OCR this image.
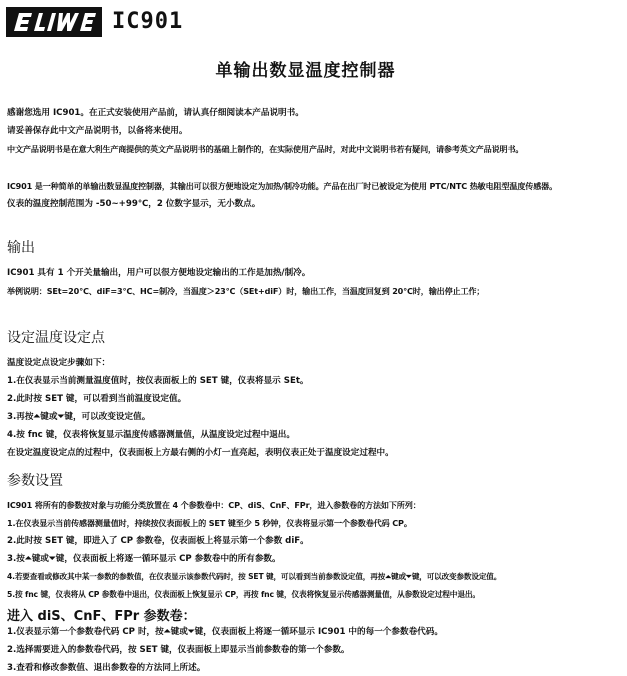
IC901
单输出数显温度控制器
感谢您选用 IC901。在正式安装使用产品前，请认真仔细阅读本产品说明书。
请妥善保存此中文产品说明书，以备将来使用。
中文产品说明书是在意大利生产商提供的英文产品说明书的基础上制作的，在实际使用产品时，对此中文说明书若有疑问，请参考英文产品说明书。
IC901 是一种简单的单输出数显温度控制器，其输出可以很方便地设定为加热/制冷功能。产品在出厂时已被设定为使用 PTC/NTC 热敏电阻型温度传感器。
仪表的温度控制范围为 -50~+99℃，2 位数字显示，无小数点。
输出
IC901 具有 1 个开关量输出，用户可以很方便地设定输出的工作是加热/制冷。
举例说明：SEt=20℃、diF=3℃、HC=制冷，当温度＞23℃（SEt+diF）时，输出工作，当温度回复到 20℃时，输出停止工作；
设定温度设定点
温度设定点设定步骤如下：
1.在仪表显示当前测量温度值时，按仪表面板上的 SET 键，仪表将显示 SEt。
2.此时按 SET 键，可以看到当前温度设定值。
3.再按⏶键或⏷键，可以改变设定值。
4.按 fnc 键，仪表将恢复显示温度传感器测量值，从温度设定过程中退出。
在设定温度设定点的过程中，仪表面板上方最右侧的小灯一直亮起，表明仪表正处于温度设定过程中。
参数设置
IC901 将所有的参数按对象与功能分类放置在 4 个参数卷中：CP、diS、CnF、FPr，进入参数卷的方法如下所列：
1.在仪表显示当前传感器测量值时，持续按仪表面板上的 SET 键至少 5 秒钟，仪表将显示第一个参数卷代码 CP。
2.此时按 SET 键，即进入了 CP 参数卷，仪表面板上将显示第一个参数 diF。
3.按⏶键或⏷键，仪表面板上将逐一循环显示 CP 参数卷中的所有参数。
4.若要查看或修改其中某一参数的参数值，在仪表显示该参数代码时，按 SET 键，可以看到当前参数设定值，再按⏶键或⏷键，可以改变参数设定值。
5.按 fnc 键，仪表将从 CP 参数卷中退出，仪表面板上恢复显示 CP，再按 fnc 键，仪表将恢复显示传感器测量值，从参数设定过程中退出。
进入 diS、CnF、FPr 参数卷：
1.仪表显示第一个参数卷代码 CP 时，按⏶键或⏷键，仪表面板上将逐一循环显示 IC901 中的每一个参数卷代码。
2.选择需要进入的参数卷代码，按 SET 键，仪表面板上即显示当前参数卷的第一个参数。
3.查看和修改参数值、退出参数卷的方法同上所述。
